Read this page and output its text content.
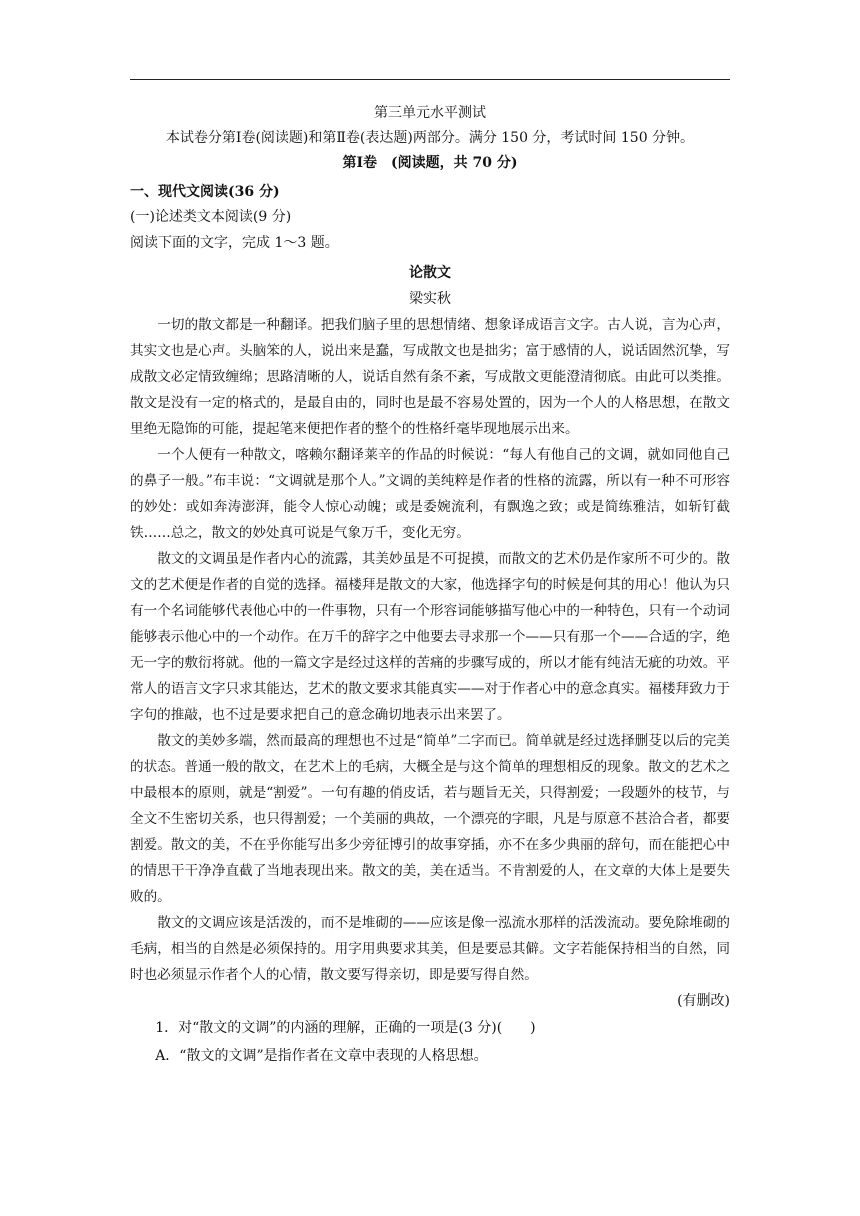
第三单元水平测试
本试卷分第Ⅰ卷(阅读题)和第Ⅱ卷(表达题)两部分。满分 150 分，考试时间 150 分钟。
第Ⅰ卷　(阅读题，共 70 分)
一、现代文阅读(36 分)
(一)论述类文本阅读(9 分)
阅读下面的文字，完成 1～3 题。
论散文
梁实秋

一切的散文都是一种翻译。把我们脑子里的思想情绪、想象译成语言文字。古人说，言为心声，其实文也是心声。头脑笨的人，说出来是蠢，写成散文也是拙劣；富于感情的人，说话固然沉挚，写成散文必定情致缠绵；思路清晰的人，说话自然有条不紊，写成散文更能澄清彻底。由此可以类推。散文是没有一定的格式的，是最自由的，同时也是最不容易处置的，因为一个人的人格思想，在散文里绝无隐饰的可能，提起笔来便把作者的整个的性格纤毫毕现地展示出来。

一个人便有一种散文，喀赖尔翻译莱辛的作品的时候说：“每人有他自己的文调，就如同他自己的鼻子一般。”布丰说：“文调就是那个人。”文调的美纯粹是作者的性格的流露，所以有一种不可形容的妙处：或如奔涛澎湃，能令人惊心动魄；或是委婉流利，有飘逸之致；或是简练雅洁，如斩钉截铁……总之，散文的妙处真可说是气象万千，变化无穷。

散文的文调虽是作者内心的流露，其美妙虽是不可捉摸，而散文的艺术仍是作家所不可少的。散文的艺术便是作者的自觉的选择。福楼拜是散文的大家，他选择字句的时候是何其的用心！他认为只有一个名词能够代表他心中的一件事物，只有一个形容词能够描写他心中的一种特色，只有一个动词能够表示他心中的一个动作。在万千的辞字之中他要去寻求那一个——只有那一个——合适的字，绝无一字的敷衍将就。他的一篇文字是经过这样的苦痛的步骤写成的，所以才能有纯洁无疵的功效。平常人的语言文字只求其能达，艺术的散文要求其能真实——对于作者心中的意念真实。福楼拜致力于字句的推敲，也不过是要求把自己的意念确切地表示出来罢了。

散文的美妙多端，然而最高的理想也不过是“简单”二字而已。简单就是经过选择删芟以后的完美的状态。普通一般的散文，在艺术上的毛病，大概全是与这个简单的理想相反的现象。散文的艺术之中最根本的原则，就是“割爱”。一句有趣的俏皮话，若与题旨无关，只得割爱；一段题外的枝节，与全文不生密切关系，也只得割爱；一个美丽的典故，一个漂亮的字眼，凡是与原意不甚洽合者，都要割爱。散文的美，不在乎你能写出多少旁征博引的故事穿插，亦不在多少典丽的辞句，而在能把心中的情思干干净净直截了当地表现出来。散文的美，美在适当。不肯割爱的人，在文章的大体上是要失败的。

散文的文调应该是活泼的，而不是堆砌的——应该是像一泓流水那样的活泼流动。要免除堆砌的毛病，相当的自然是必须保持的。用字用典要求其美，但是要忌其僻。文字若能保持相当的自然，同时也必须显示作者个人的心情，散文要写得亲切，即是要写得自然。

(有删改)

1．对“散文的文调”的内涵的理解，正确的一项是(3 分)(　　)

A．“散文的文调”是指作者在文章中表现的人格思想。
